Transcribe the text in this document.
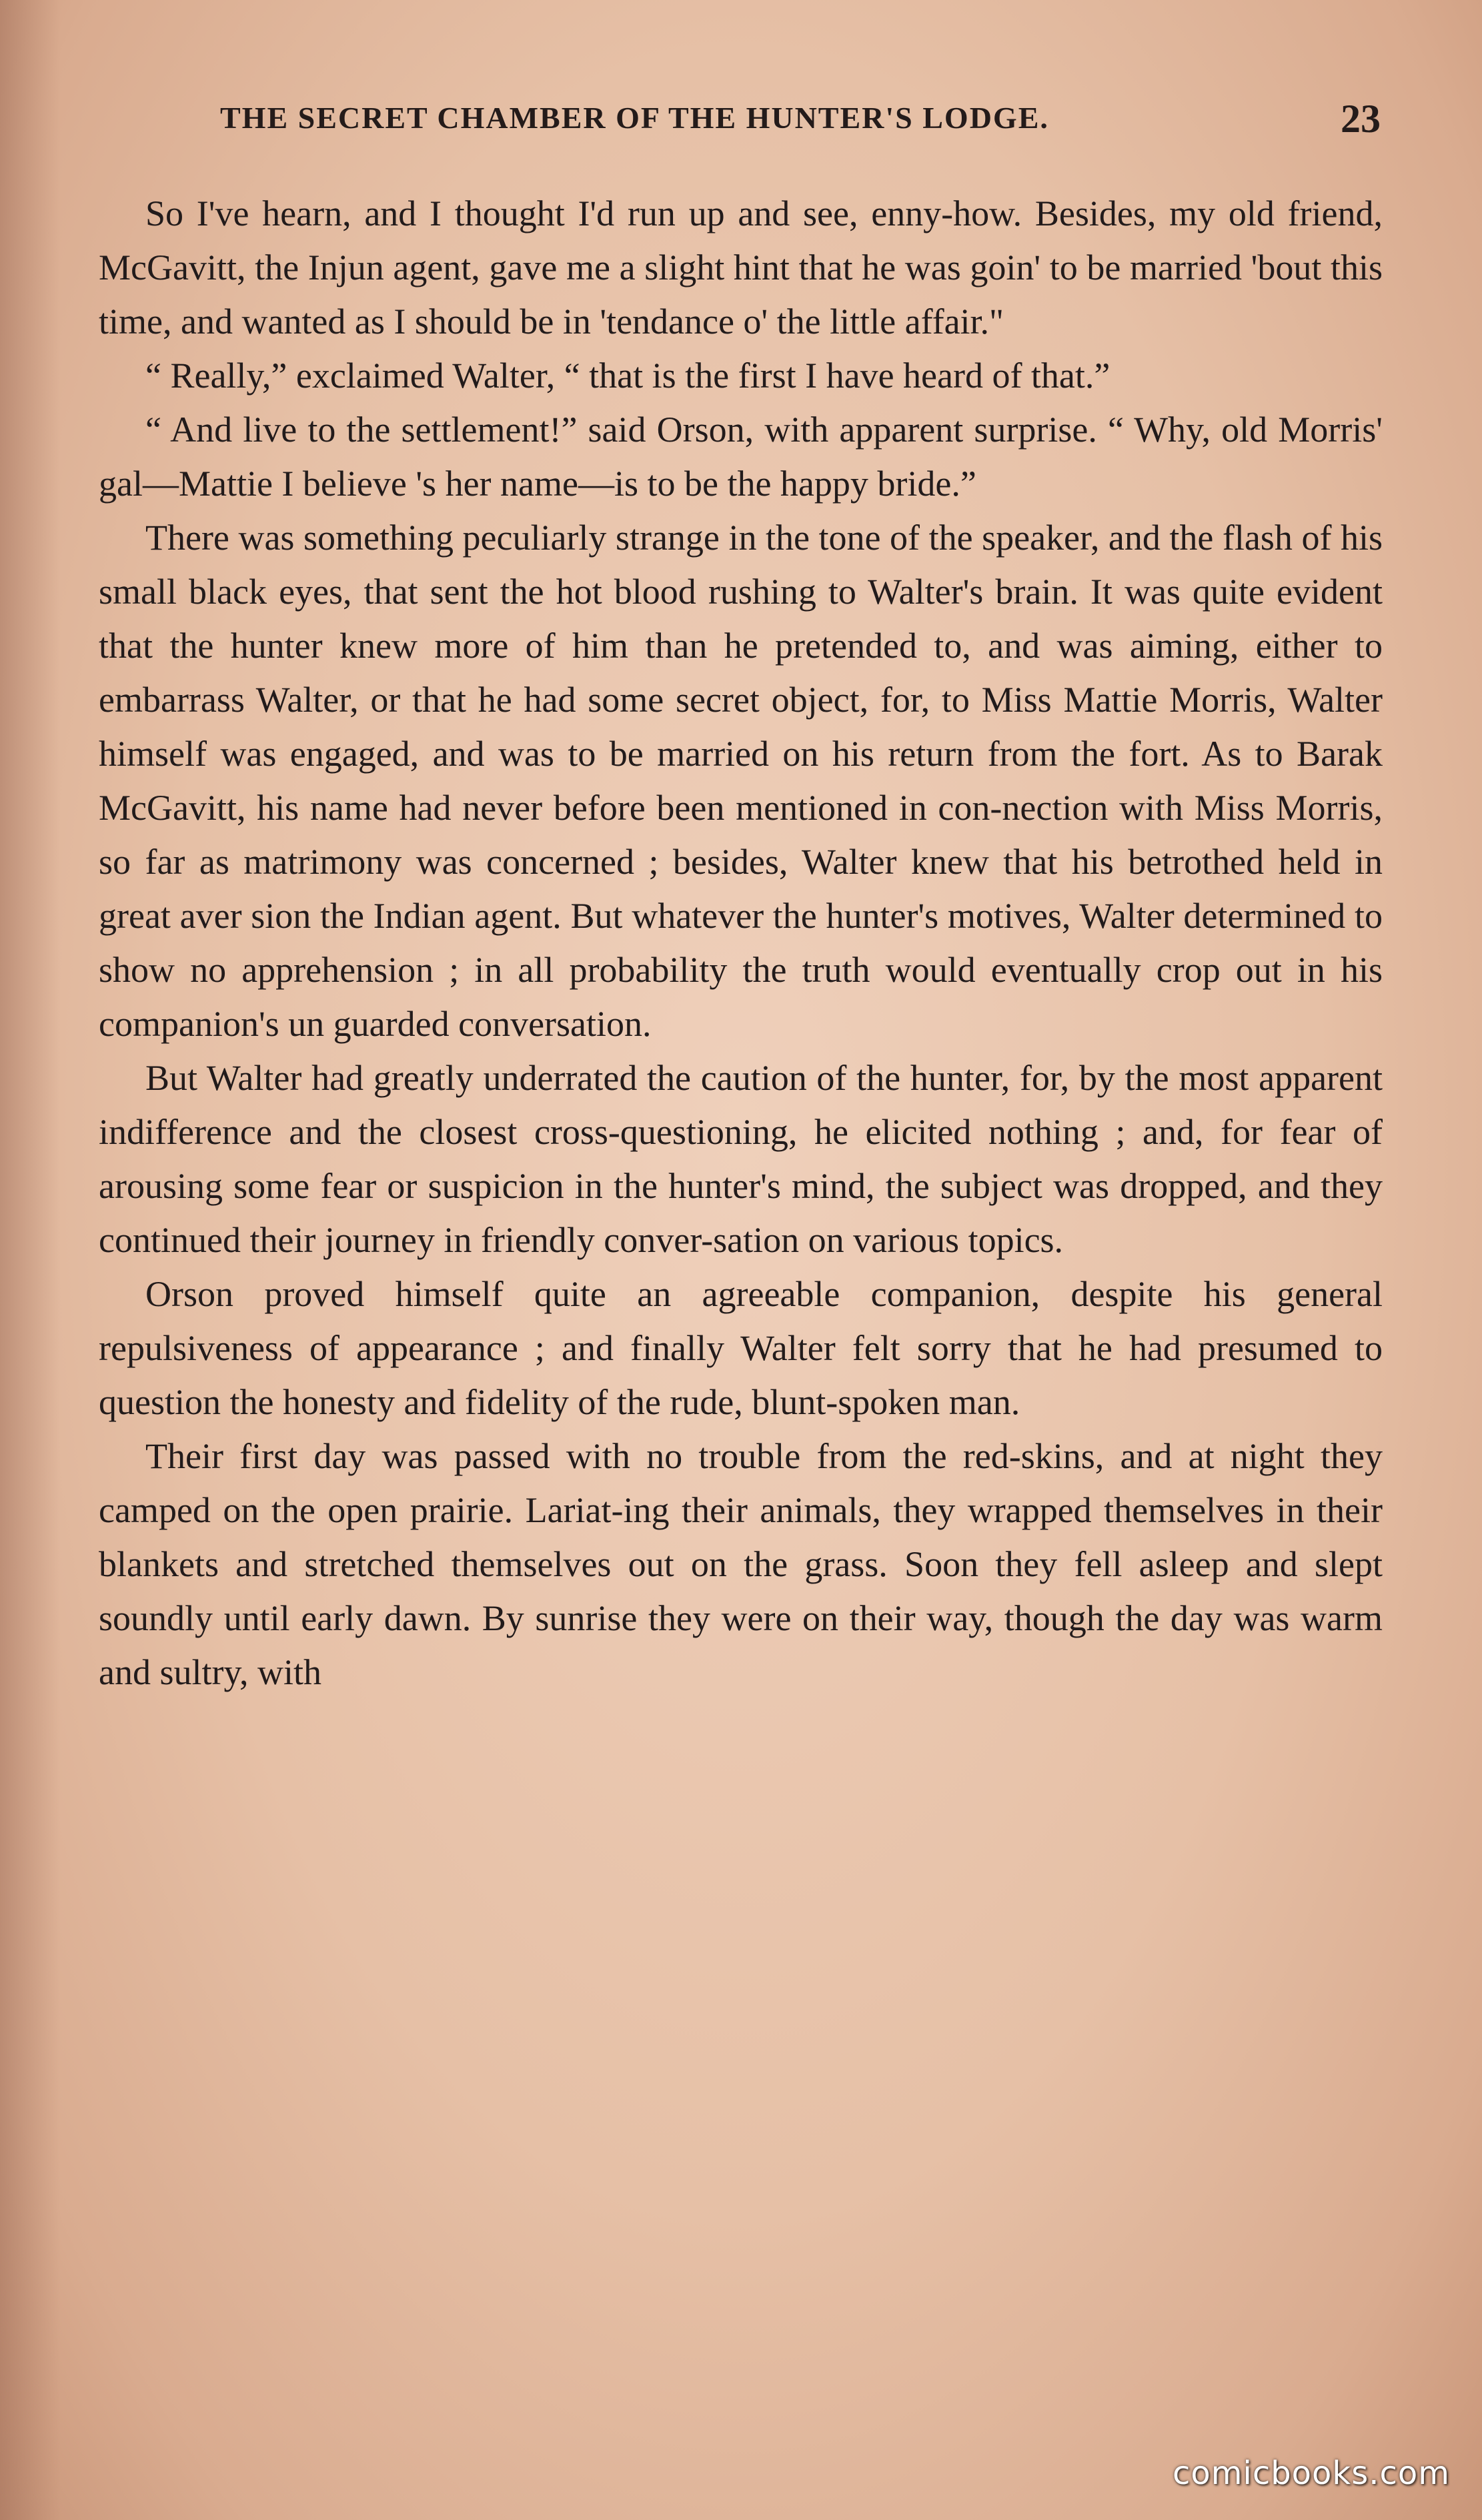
THE SECRET CHAMBER OF THE HUNTER'S LODGE.	23

So I've hearn, and I thought I'd run up and see, enny-how. Besides, my old friend, McGavitt, the Injun agent, gave me a slight hint that he was goin' to be married 'bout this time, and wanted as I should be in 'tendance o' the little affair."

“ Really,” exclaimed Walter, “ that is the first I have heard of that.”

“ And live to the settlement!” said Orson, with apparent surprise. “ Why, old Morris' gal—Mattie I believe 's her name—is to be the happy bride.”

There was something peculiarly strange in the tone of the speaker, and the flash of his small black eyes, that sent the hot blood rushing to Walter's brain. It was quite evident that the hunter knew more of him than he pretended to, and was aiming, either to embarrass Walter, or that he had some secret object, for, to Miss Mattie Morris, Walter himself was engaged, and was to be married on his return from the fort. As to Barak McGavitt, his name had never before been mentioned in con-nection with Miss Morris, so far as matrimony was concerned ; besides, Walter knew that his betrothed held in great aver sion the Indian agent. But whatever the hunter's motives, Walter determined to show no apprehension ; in all probability the truth would eventually crop out in his companion's un guarded conversation.

But Walter had greatly underrated the caution of the hunter, for, by the most apparent indifference and the closest cross-questioning, he elicited nothing ; and, for fear of arousing some fear or suspicion in the hunter's mind, the subject was dropped, and they continued their journey in friendly conver-sation on various topics.

Orson proved himself quite an agreeable companion, despite his general repulsiveness of appearance ; and finally Walter felt sorry that he had presumed to question the honesty and fidelity of the rude, blunt-spoken man.

Their first day was passed with no trouble from the red-skins, and at night they camped on the open prairie. Lariat-ing their animals, they wrapped themselves in their blankets and stretched themselves out on the grass. Soon they fell asleep and slept soundly until early dawn. By sunrise they were on their way, though the day was warm and sultry, with

comicbooks.com
